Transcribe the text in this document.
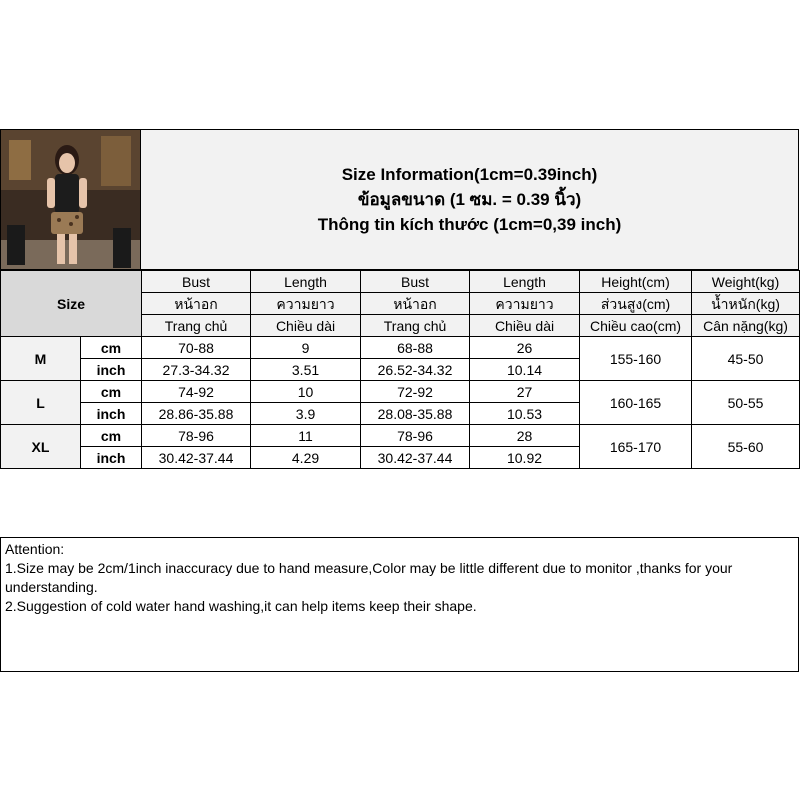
Size Information(1cm=0.39inch)
ข้อมูลขนาด (1 ซม. = 0.39 นิ้ว)
Thông tin kích thước (1cm=0,39 inch)
Size		Bust	Length	Bust	Length	Height(cm)	Weight(kg)
		หน้าอก	ความยาว	หน้าอก	ความยาว	ส่วนสูง(cm)	น้ำหนัก(kg)
		Trang chủ	Chiều dài	Trang chủ	Chiều dài	Chiều cao(cm)	Cân nặng(kg)
M	cm	70-88	9	68-88	26	155-160	45-50
	inch	27.3-34.32	3.51	26.52-34.32	10.14		
L	cm	74-92	10	72-92	27	160-165	50-55
	inch	28.86-35.88	3.9	28.08-35.88	10.53		
XL	cm	78-96	11	78-96	28	165-170	55-60
	inch	30.42-37.44	4.29	30.42-37.44	10.92		

Attention:

1.Size may be 2cm/1inch inaccuracy due to hand measure,Color may be little different due to monitor ,thanks for your understanding.

2.Suggestion of cold water hand washing,it can help items keep their shape.
